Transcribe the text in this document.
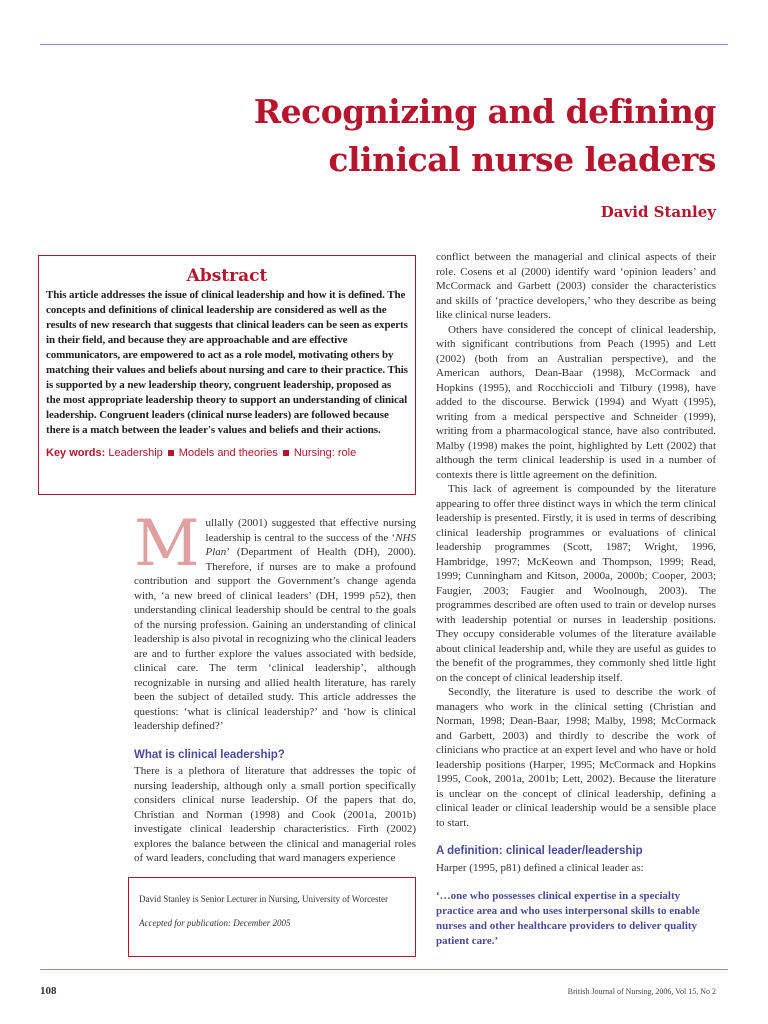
Recognizing and defining clinical nurse leaders
David Stanley
Abstract
This article addresses the issue of clinical leadership and how it is defined. The concepts and definitions of clinical leadership are considered as well as the results of new research that suggests that clinical leaders can be seen as experts in their field, and because they are approachable and are effective communicators, are empowered to act as a role model, motivating others by matching their values and beliefs about nursing and care to their practice. This is supported by a new leadership theory, congruent leadership, proposed as the most appropriate leadership theory to support an understanding of clinical leadership. Congruent leaders (clinical nurse leaders) are followed because there is a match between the leader's values and beliefs and their actions.
Key words: Leadership Models and theories Nursing: role

Mullally (2001) suggested that effective nursing leadership is central to the success of the ‘NHS Plan’ (Department of Health (DH), 2000). Therefore, if nurses are to make a profound contribution and support the Government’s change agenda with, ‘a new breed of clinical leaders’ (DH, 1999 p52), then understanding clinical leadership should be central to the goals of the nursing profession. Gaining an understanding of clinical leadership is also pivotal in recognizing who the clinical leaders are and to further explore the values associated with bedside, clinical care. The term ‘clinical leadership’, although recognizable in nursing and allied health literature, has rarely been the subject of detailed study. This article addresses the questions: ‘what is clinical leadership?’ and ‘how is clinical leadership defined?’

What is clinical leadership?

There is a plethora of literature that addresses the topic of nursing leadership, although only a small portion specifically considers clinical nurse leadership. Of the papers that do, Christian and Norman (1998) and Cook (2001a, 2001b) investigate clinical leadership characteristics. Firth (2002) explores the balance between the clinical and managerial roles of ward leaders, concluding that ward managers experience

conflict between the managerial and clinical aspects of their role. Cosens et al (2000) identify ward ‘opinion leaders’ and McCormack and Garbett (2003) consider the characteristics and skills of ‘practice developers,’ who they describe as being like clinical nurse leaders.

Others have considered the concept of clinical leadership, with significant contributions from Peach (1995) and Lett (2002) (both from an Australian perspective), and the American authors, Dean-Baar (1998), McCormack and Hopkins (1995), and Rocchiccioli and Tilbury (1998), have added to the discourse. Berwick (1994) and Wyatt (1995), writing from a medical perspective and Schneider (1999), writing from a pharmacological stance, have also contributed. Malby (1998) makes the point, highlighted by Lett (2002) that although the term clinical leadership is used in a number of contexts there is little agreement on the definition.

This lack of agreement is compounded by the literature appearing to offer three distinct ways in which the term clinical leadership is presented. Firstly, it is used in terms of describing clinical leadership programmes or evaluations of clinical leadership programmes (Scott, 1987; Wright, 1996, Hambridge, 1997; McKeown and Thompson, 1999; Read, 1999; Cunningham and Kitson, 2000a, 2000b; Cooper, 2003; Faugier, 2003; Faugier and Woolnough, 2003). The programmes described are often used to train or develop nurses with leadership potential or nurses in leadership positions. They occupy considerable volumes of the literature available about clinical leadership and, while they are useful as guides to the benefit of the programmes, they commonly shed little light on the concept of clinical leadership itself.

Secondly, the literature is used to describe the work of managers who work in the clinical setting (Christian and Norman, 1998; Dean-Baar, 1998; Malby, 1998; McCormack and Garbett, 2003) and thirdly to describe the work of clinicians who practice at an expert level and who have or hold leadership positions (Harper, 1995; McCormack and Hopkins 1995, Cook, 2001a, 2001b; Lett, 2002). Because the literature is unclear on the concept of clinical leadership, defining a clinical leader or clinical leadership would be a sensible place to start.

A definition: clinical leader/leadership

Harper (1995, p81) defined a clinical leader as:

‘…one who possesses clinical expertise in a specialty practice area and who uses interpersonal skills to enable nurses and other healthcare providers to deliver quality patient care.’
David Stanley is Senior Lecturer in Nursing, University of Worcester
Accepted for publication: December 2005
108	British Journal of Nursing, 2006, Vol 15, No 2
